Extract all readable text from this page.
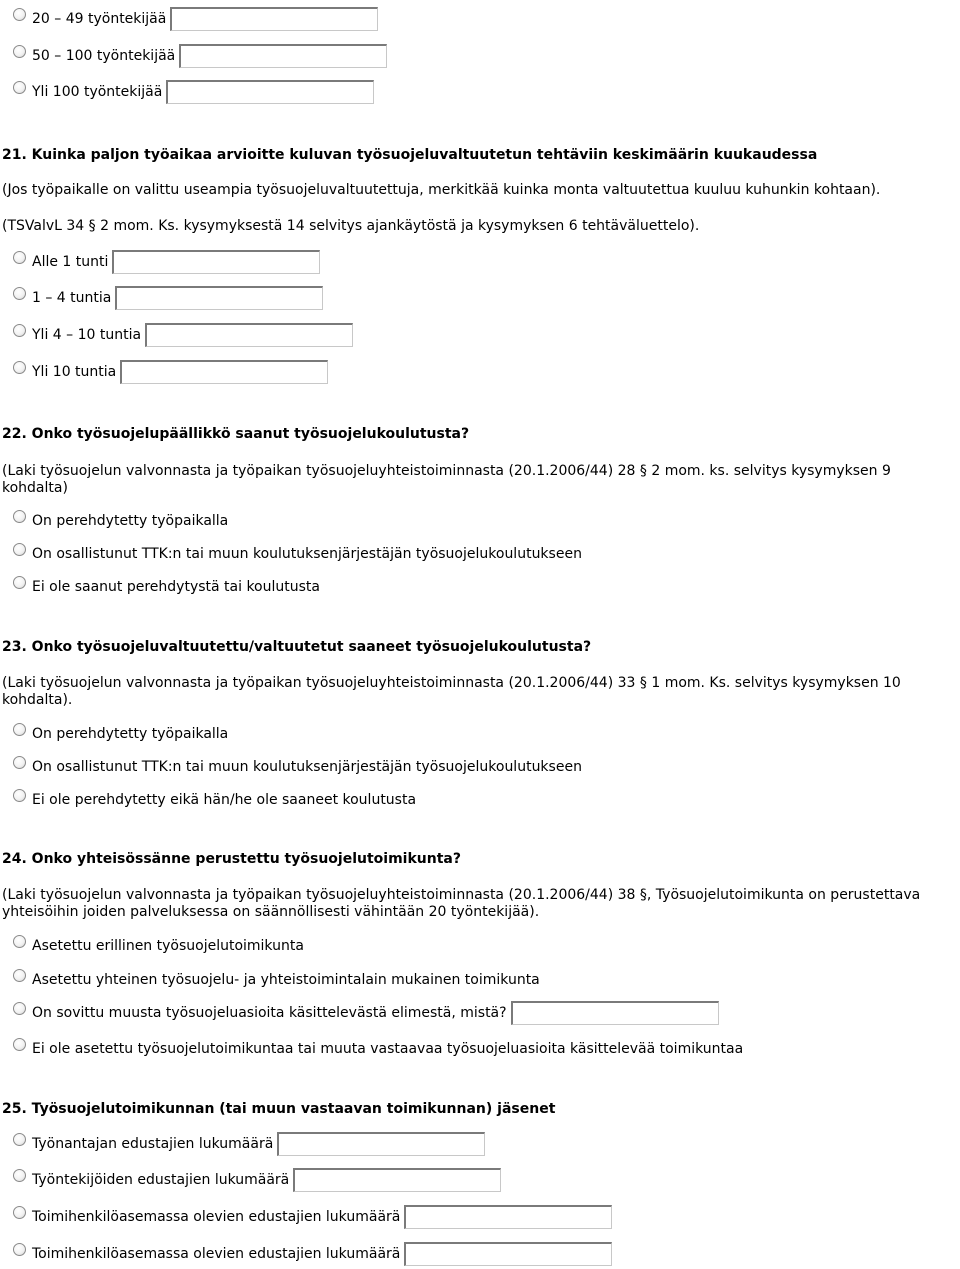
20 – 49 työntekijää
50 – 100 työntekijää
Yli 100 työntekijää
21. Kuinka paljon työaikaa arvioitte kuluvan työsuojeluvaltuutetun tehtäviin keskimäärin kuukaudessa
(Jos työpaikalle on valittu useampia työsuojeluvaltuutettuja, merkitkää kuinka monta valtuutettua kuuluu kuhunkin kohtaan).
(TSValvL 34 § 2 mom. Ks. kysymyksestä 14 selvitys ajankäytöstä ja kysymyksen 6 tehtäväluettelo).
Alle 1 tunti
1 – 4 tuntia
Yli 4 – 10 tuntia
Yli 10 tuntia
22. Onko työsuojelupäällikkö saanut työsuojelukoulutusta?
(Laki työsuojelun valvonnasta ja työpaikan työsuojeluyhteistoiminnasta (20.1.2006/44) 28 § 2 mom. ks. selvitys kysymyksen 9 kohdalta)
On perehdytetty työpaikalla
On osallistunut TTK:n tai muun koulutuksenjärjestäjän työsuojelukoulutukseen
Ei ole saanut perehdytystä tai koulutusta
23. Onko työsuojeluvaltuutettu/valtuutetut saaneet työsuojelukoulutusta?
(Laki työsuojelun valvonnasta ja työpaikan työsuojeluyhteistoiminnasta (20.1.2006/44) 33 § 1 mom. Ks. selvitys kysymyksen 10 kohdalta).
On perehdytetty työpaikalla
On osallistunut TTK:n tai muun koulutuksenjärjestäjän työsuojelukoulutukseen
Ei ole perehdytetty eikä hän/he ole saaneet koulutusta
24. Onko yhteisössänne perustettu työsuojelutoimikunta?
(Laki työsuojelun valvonnasta ja työpaikan työsuojeluyhteistoiminnasta (20.1.2006/44) 38 §, Työsuojelutoimikunta on perustettava yhteisöihin joiden palveluksessa on säännöllisesti vähintään 20 työntekijää).
Asetettu erillinen työsuojelutoimikunta
Asetettu yhteinen työsuojelu- ja yhteistoimintalain mukainen toimikunta
On sovittu muusta työsuojeluasioita käsittelevästä elimestä, mistä?
Ei ole asetettu työsuojelutoimikuntaa tai muuta vastaavaa työsuojeluasioita käsittelevää toimikuntaa
25. Työsuojelutoimikunnan (tai muun vastaavan toimikunnan) jäsenet
Työnantajan edustajien lukumäärä
Työntekijöiden edustajien lukumäärä
Toimihenkilöasemassa olevien edustajien lukumäärä
Toimihenkilöasemassa olevien edustajien lukumäärä
